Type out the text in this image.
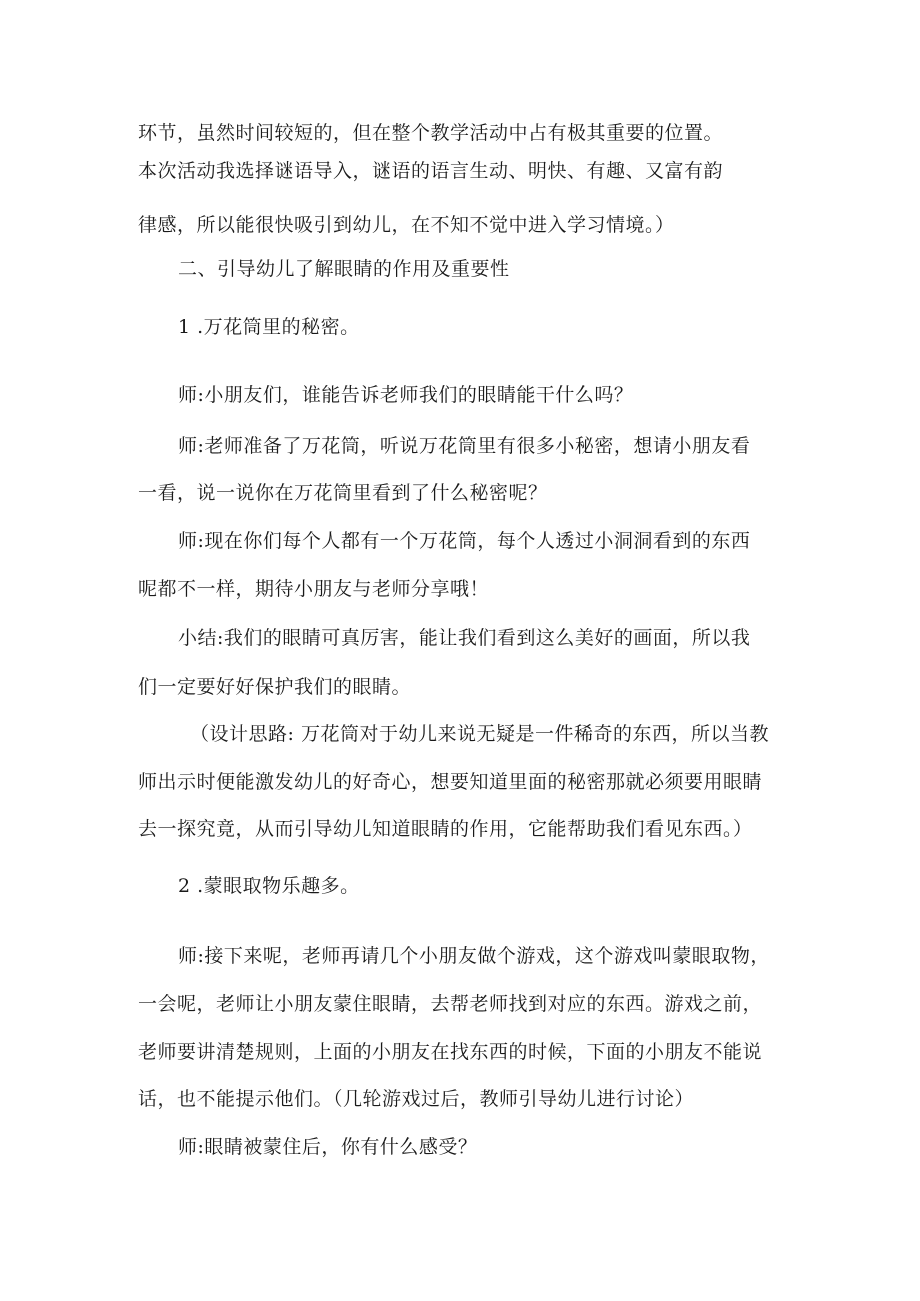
环节，虽然时间较短的，但在整个教学活动中占有极其重要的位置。
本次活动我选择谜语导入，谜语的语言生动、明快、有趣、又富有韵
律感，所以能很快吸引到幼儿，在不知不觉中进入学习情境。）
二、引导幼儿了解眼睛的作用及重要性
1 .万花筒里的秘密。
师:小朋友们，谁能告诉老师我们的眼睛能干什么吗？
师:老师准备了万花筒，听说万花筒里有很多小秘密，想请小朋友看
一看，说一说你在万花筒里看到了什么秘密呢？
师:现在你们每个人都有一个万花筒，每个人透过小洞洞看到的东西
呢都不一样，期待小朋友与老师分享哦！
小结:我们的眼睛可真厉害，能让我们看到这么美好的画面，所以我
们一定要好好保护我们的眼睛。
（设计思路: 万花筒对于幼儿来说无疑是一件稀奇的东西，所以当教
师出示时便能激发幼儿的好奇心，想要知道里面的秘密那就必须要用眼睛
去一探究竟，从而引导幼儿知道眼睛的作用，它能帮助我们看见东西。）
2 .蒙眼取物乐趣多。
师:接下来呢，老师再请几个小朋友做个游戏，这个游戏叫蒙眼取物，
一会呢，老师让小朋友蒙住眼睛，去帮老师找到对应的东西。游戏之前，
老师要讲清楚规则，上面的小朋友在找东西的时候，下面的小朋友不能说
话，也不能提示他们。（几轮游戏过后，教师引导幼儿进行讨论）
师:眼睛被蒙住后，你有什么感受？
